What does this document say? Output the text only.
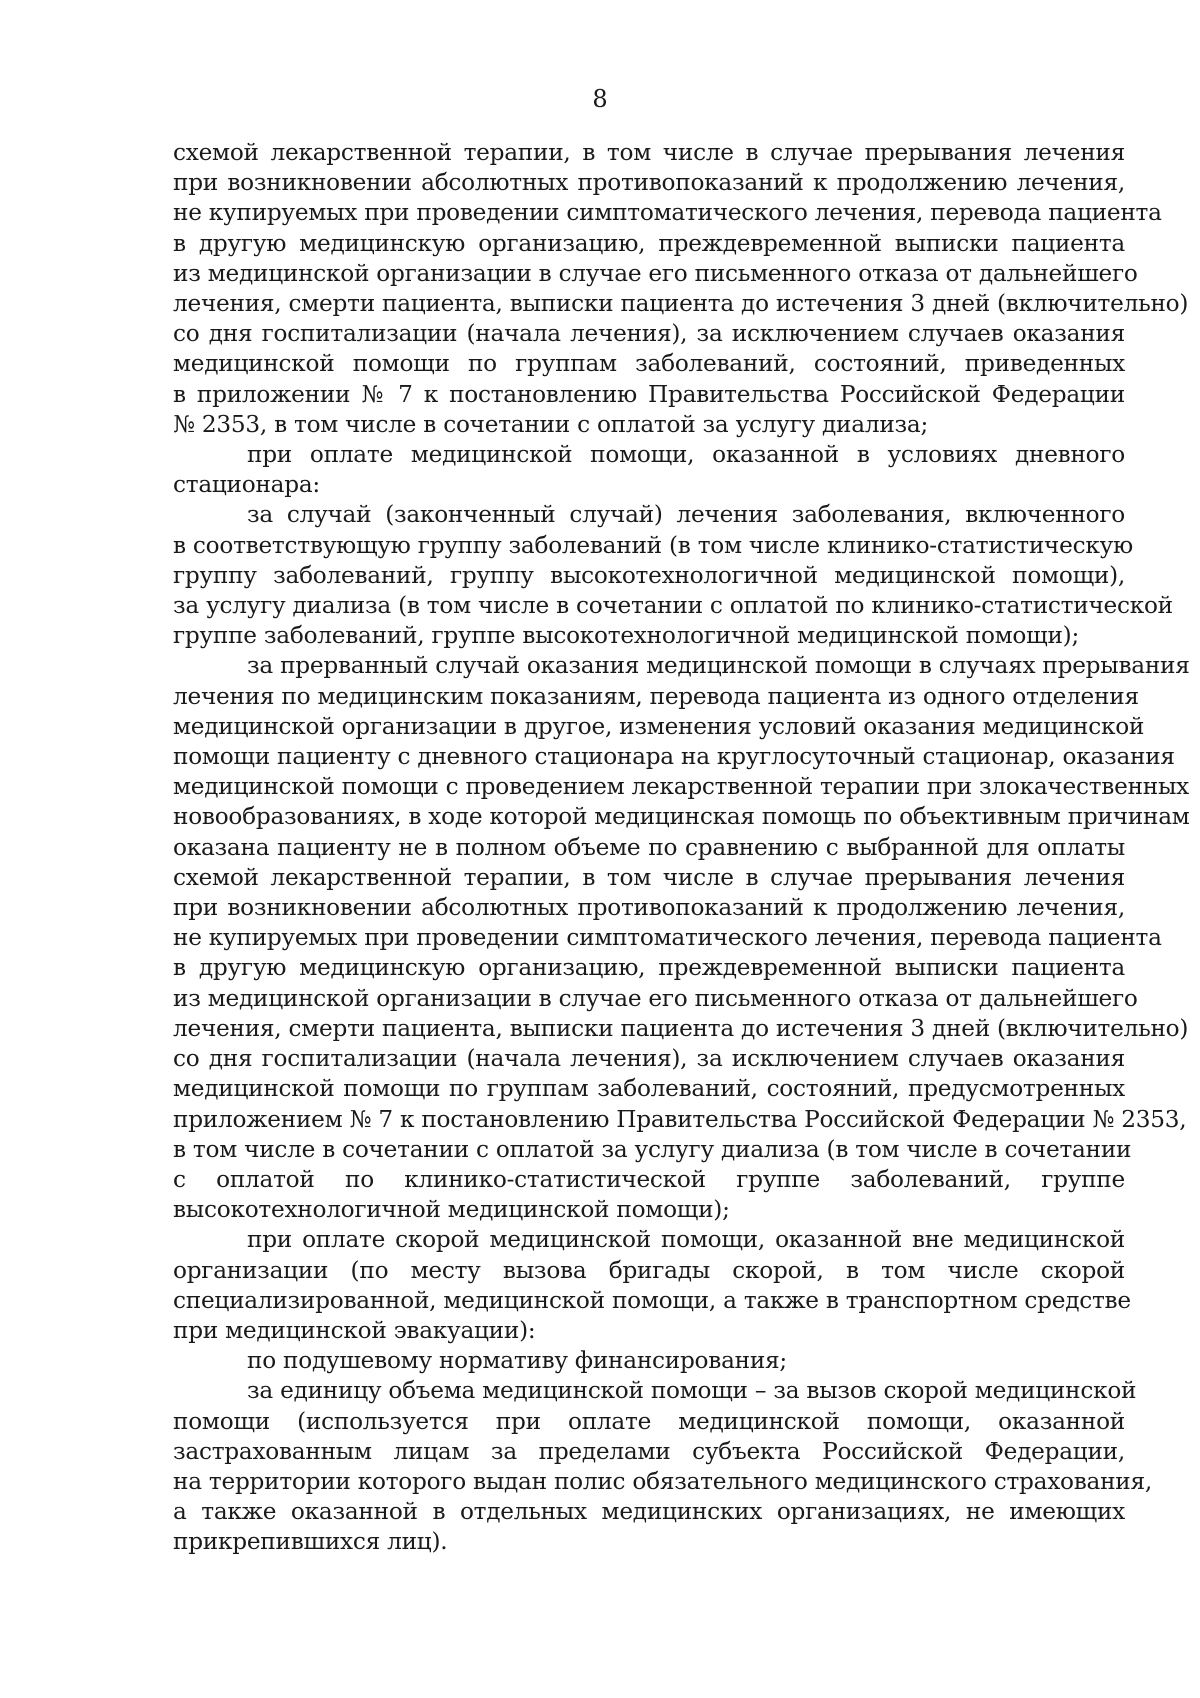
8
схемой лекарственной терапии, в том числе в случае прерывания лечения
при возникновении абсолютных противопоказаний к продолжению лечения,
не купируемых при проведении симптоматического лечения, перевода пациента
в другую медицинскую организацию, преждевременной выписки пациента
из медицинской организации в случае его письменного отказа от дальнейшего
лечения, смерти пациента, выписки пациента до истечения 3 дней (включительно)
со дня госпитализации (начала лечения), за исключением случаев оказания
медицинской помощи по группам заболеваний, состояний, приведенных
в приложении № 7 к постановлению Правительства Российской Федерации
№ 2353, в том числе в сочетании с оплатой за услугу диализа;
при оплате медицинской помощи, оказанной в условиях дневного
стационара:
за случай (законченный случай) лечения заболевания, включенного
в соответствующую группу заболеваний (в том числе клинико-статистическую
группу заболеваний, группу высокотехнологичной медицинской помощи),
за услугу диализа (в том числе в сочетании с оплатой по клинико-статистической
группе заболеваний, группе высокотехнологичной медицинской помощи);
за прерванный случай оказания медицинской помощи в случаях прерывания
лечения по медицинским показаниям, перевода пациента из одного отделения
медицинской организации в другое, изменения условий оказания медицинской
помощи пациенту с дневного стационара на круглосуточный стационар, оказания
медицинской помощи с проведением лекарственной терапии при злокачественных
новообразованиях, в ходе которой медицинская помощь по объективным причинам
оказана пациенту не в полном объеме по сравнению с выбранной для оплаты
схемой лекарственной терапии, в том числе в случае прерывания лечения
при возникновении абсолютных противопоказаний к продолжению лечения,
не купируемых при проведении симптоматического лечения, перевода пациента
в другую медицинскую организацию, преждевременной выписки пациента
из медицинской организации в случае его письменного отказа от дальнейшего
лечения, смерти пациента, выписки пациента до истечения 3 дней (включительно)
со дня госпитализации (начала лечения), за исключением случаев оказания
медицинской помощи по группам заболеваний, состояний, предусмотренных
приложением № 7 к постановлению Правительства Российской Федерации № 2353,
в том числе в сочетании с оплатой за услугу диализа (в том числе в сочетании
с оплатой по клинико-статистической группе заболеваний, группе
высокотехнологичной медицинской помощи);
при оплате скорой медицинской помощи, оказанной вне медицинской
организации (по месту вызова бригады скорой, в том числе скорой
специализированной, медицинской помощи, а также в транспортном средстве
при медицинской эвакуации):
по подушевому нормативу финансирования;
за единицу объема медицинской помощи – за вызов скорой медицинской
помощи (используется при оплате медицинской помощи, оказанной
застрахованным лицам за пределами субъекта Российской Федерации,
на территории которого выдан полис обязательного медицинского страхования,
а также оказанной в отдельных медицинских организациях, не имеющих
прикрепившихся лиц).
